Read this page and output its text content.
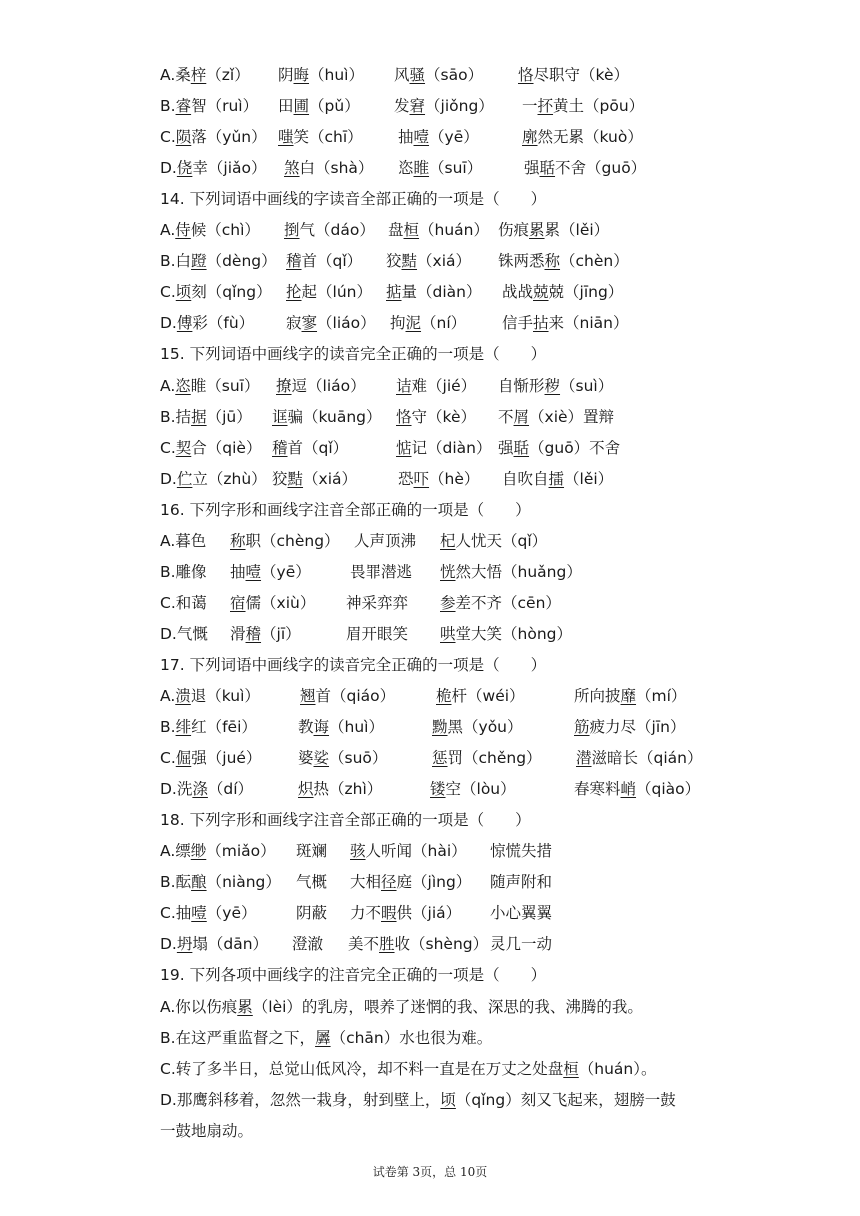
A.桑梓（zǐ） 阴晦（huì） 风骚（sāo） 恪尽职守（kè）
B.睿智（ruì） 田圃（pǔ） 发窘（jiǒng） 一抔黄土（pōu）
C.陨落（yǔn） 嗤笑（chī） 抽噎（yē）	廓然无累（kuò）
D.侥幸（jiǎo） 煞白（shà） 恣睢（suī）	强聒不舍（guō）
14. 下列词语中画线的字读音全部正确的一项是（　　）
A.侍候（chì） 捯气（dáo） 盘桓（huán） 伤痕累累（lěi）
B.白蹬（dèng） 稽首（qǐ） 狡黠（xiá） 铢两悉称（chèn）
C.顷刻（qǐng） 抡起（lún） 掂量（diàn） 战战兢兢（jīng）
D.傅彩（fù） 寂寥（liáo） 拘泥（ní） 信手拈来（niān）
15. 下列词语中画线字的读音完全正确的一项是（　　）
A.恣睢（suī） 撩逗（liáo） 诘难（jié） 自惭形秽（suì）
B.拮据（jū） 诓骗（kuāng） 恪守（kè） 不屑（xiè）置辩
C.契合（qiè） 稽首（qǐ）	惦记（diàn） 强聒（guō）不舍
D.伫立（zhù） 狡黠（xiá）	恐吓（hè） 自吹自擂（lěi）
16. 下列字形和画线字注音全部正确的一项是（　　）
A.暮色 称职（chèng） 人声顶沸 杞人忧天（qǐ）
B.雕像 抽噎（yē）	畏罪潜逃 恍然大悟（huǎng）
C.和蔼 宿儒（xiù） 神采弈弈 参差不齐（cēn）
D.气慨 滑稽（jī）	眉开眼笑 哄堂大笑（hòng）
17. 下列词语中画线字的读音完全正确的一项是（　　）
A.溃退（kuì）	翘首（qiáo）	桅杆（wéi）	所向披靡（mí）
B.绯红（fēi）	教诲（huì）	黝黑（yǒu）	筋疲力尽（jīn）
C.倔强（jué） 婆娑（suō）	惩罚（chěng） 潜滋暗长（qián）
D.洗涤（dí）	炽热（zhì）	镂空（lòu）	春寒料峭（qiào）
18. 下列字形和画线字注音全部正确的一项是（　　）
A.缥缈（miǎo） 斑斓 骇人听闻（hài） 惊慌失措
B.酝酿（niàng） 气概 大相径庭（jìng） 随声附和
C.抽噎（yē）	阴蔽 力不暇供（jiá） 小心翼翼
D.坍塌（dān） 澄澈 美不胜收（shèng） 灵几一动
19. 下列各项中画线字的注音完全正确的一项是（　　）
A.你以伤痕累（lèi）的乳房，喂养了迷惘的我、深思的我、沸腾的我。
B.在这严重监督之下，羼（chān）水也很为难。
C.转了多半日，总觉山低风冷，却不料一直是在万丈之处盘桓（huán）。
D.那鹰斜移着，忽然一栽身，射到壁上，顷（qǐng）刻又飞起来，翅膀一鼓
一鼓地扇动。
试卷第 3页，总 10页
